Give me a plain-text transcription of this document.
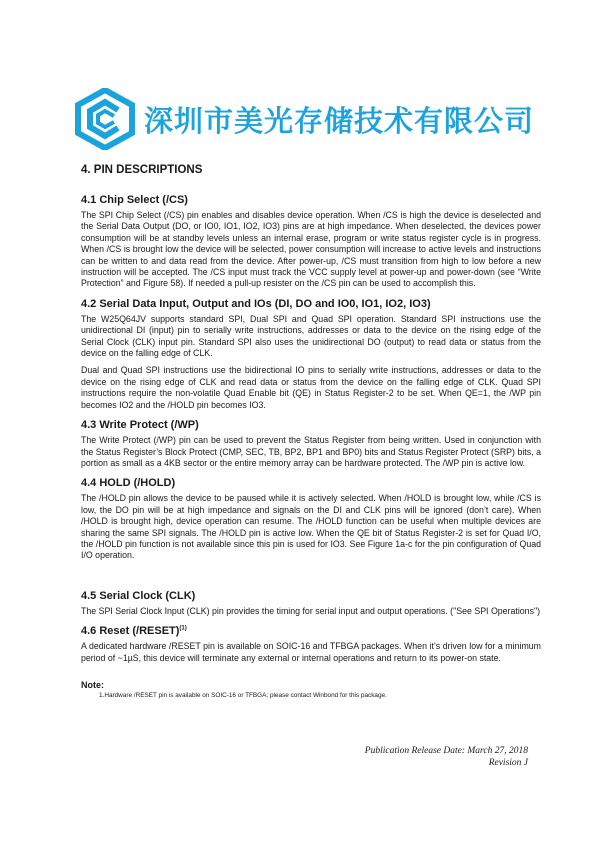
深圳市美光存储技术有限公司
4. PIN DESCRIPTIONS
4.1 Chip Select (/CS)

The SPI Chip Select (/CS) pin enables and disables device operation. When /CS is high the device is deselected and the Serial Data Output (DO, or IO0, IO1, IO2, IO3) pins are at high impedance. When deselected, the devices power consumption will be at standby levels unless an internal erase, program or write status register cycle is in progress. When /CS is brought low the device will be selected, power consumption will increase to active levels and instructions can be written to and data read from the device. After power-up, /CS must transition from high to low before a new instruction will be accepted. The /CS input must track the VCC supply level at power-up and power-down (see “Write Protection” and Figure 58). If needed a pull-up resister on the /CS pin can be used to accomplish this.

4.2 Serial Data Input, Output and IOs (DI, DO and IO0, IO1, IO2, IO3)

The W25Q64JV supports standard SPI, Dual SPI and Quad SPI operation. Standard SPI instructions use the unidirectional DI (input) pin to serially write instructions, addresses or data to the device on the rising edge of the Serial Clock (CLK) input pin. Standard SPI also uses the unidirectional DO (output) to read data or status from the device on the falling edge of CLK.

Dual and Quad SPI instructions use the bidirectional IO pins to serially write instructions, addresses or data to the device on the rising edge of CLK and read data or status from the device on the falling edge of CLK. Quad SPI instructions require the non-volatile Quad Enable bit (QE) in Status Register-2 to be set. When QE=1, the /WP pin becomes IO2 and the /HOLD pin becomes IO3.

4.3 Write Protect (/WP)

The Write Protect (/WP) pin can be used to prevent the Status Register from being written. Used in conjunction with the Status Register’s Block Protect (CMP, SEC, TB, BP2, BP1 and BP0) bits and Status Register Protect (SRP) bits, a portion as small as a 4KB sector or the entire memory array can be hardware protected. The /WP pin is active low.

4.4 HOLD (/HOLD)

The /HOLD pin allows the device to be paused while it is actively selected. When /HOLD is brought low, while /CS is low, the DO pin will be at high impedance and signals on the DI and CLK pins will be ignored (don’t care). When /HOLD is brought high, device operation can resume. The /HOLD function can be useful when multiple devices are sharing the same SPI signals. The /HOLD pin is active low. When the QE bit of Status Register-2 is set for Quad I/O, the /HOLD pin function is not available since this pin is used for IO3. See Figure 1a-c for the pin configuration of Quad I/O operation.

4.5 Serial Clock (CLK)

The SPI Serial Clock Input (CLK) pin provides the timing for serial input and output operations. ("See SPI Operations")

4.6 Reset (/RESET)$^{(1)}$

A dedicated hardware /RESET pin is available on SOIC-16 and TFBGA packages. When it’s driven low for a minimum period of ~1µS, this device will terminate any external or internal operations and return to its power-on state.

Note:
1.Hardware /RESET pin is available on SOIC-16 or TFBGA; please contact Winbond for this package.
Publication Release Date: March 27, 2018
Revision J
